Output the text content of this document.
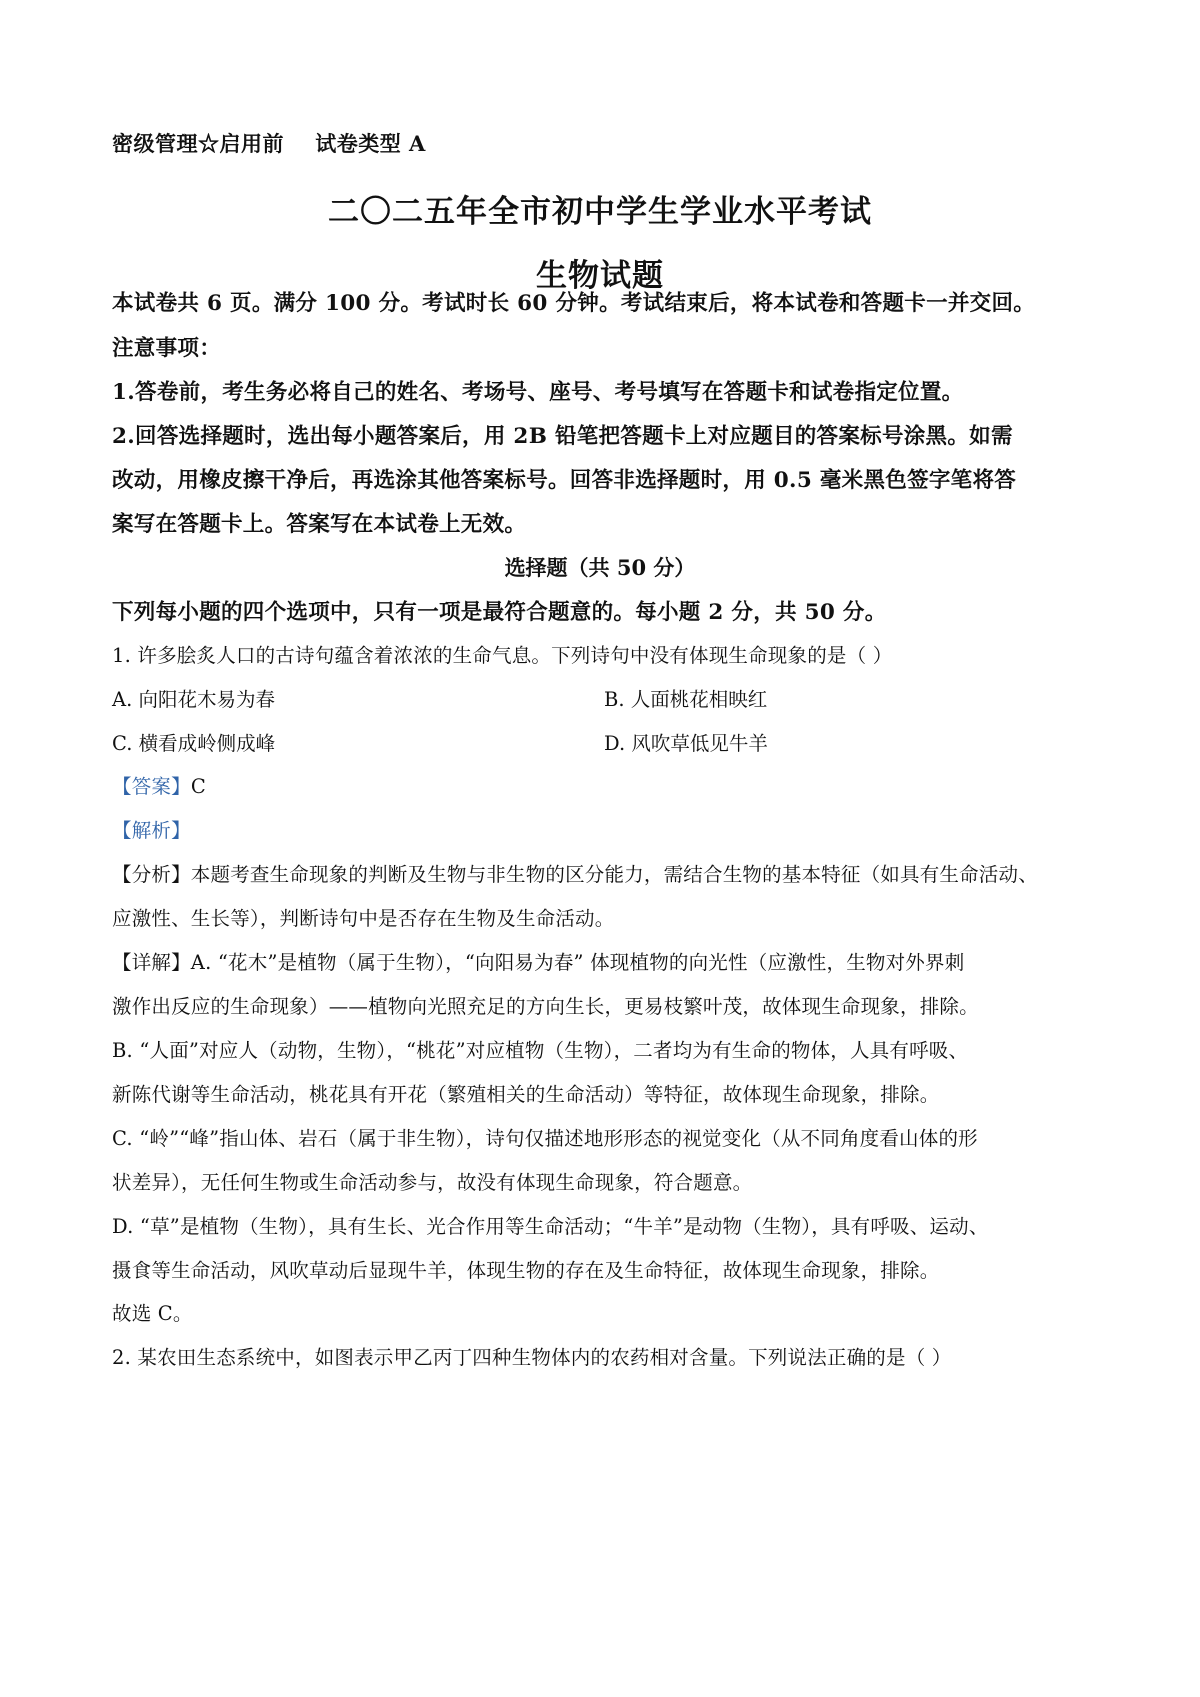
密级管理☆启用前    试卷类型 A
二〇二五年全市初中学生学业水平考试
生物试题
本试卷共 6 页。满分 100 分。考试时长 60 分钟。考试结束后，将本试卷和答题卡一并交回。
注意事项：
1.答卷前，考生务必将自己的姓名、考场号、座号、考号填写在答题卡和试卷指定位置。
2.回答选择题时，选出每小题答案后，用 2B 铅笔把答题卡上对应题目的答案标号涂黑。如需
改动，用橡皮擦干净后，再选涂其他答案标号。回答非选择题时，用 0.5 毫米黑色签字笔将答
案写在答题卡上。答案写在本试卷上无效。
选择题（共 50 分）
下列每小题的四个选项中，只有一项是最符合题意的。每小题 2 分，共 50 分。
1. 许多脍炙人口的古诗句蕴含着浓浓的生命气息。下列诗句中没有体现生命现象的是（ ）
A. 向阳花木易为春	B. 人面桃花相映红
C. 横看成岭侧成峰	D. 风吹草低见牛羊
【答案】C
【解析】
【分析】本题考查生命现象的判断及生物与非生物的区分能力，需结合生物的基本特征（如具有生命活动、
应激性、生长等），判断诗句中是否存在生物及生命活动。
【详解】A. “花木”是植物（属于生物），“向阳易为春” 体现植物的向光性（应激性，生物对外界刺
激作出反应的生命现象）——植物向光照充足的方向生长，更易枝繁叶茂，故体现生命现象，排除。
B. “人面”对应人（动物，生物），“桃花”对应植物（生物），二者均为有生命的物体，人具有呼吸、
新陈代谢等生命活动，桃花具有开花（繁殖相关的生命活动）等特征，故体现生命现象，排除。
C. “岭”“峰”指山体、岩石（属于非生物），诗句仅描述地形形态的视觉变化（从不同角度看山体的形
状差异），无任何生物或生命活动参与，故没有体现生命现象，符合题意。
D. “草”是植物（生物），具有生长、光合作用等生命活动；“牛羊”是动物（生物），具有呼吸、运动、
摄食等生命活动，风吹草动后显现牛羊，体现生物的存在及生命特征，故体现生命现象，排除。
故选 C。
2. 某农田生态系统中，如图表示甲乙丙丁四种生物体内的农药相对含量。下列说法正确的是（ ）
